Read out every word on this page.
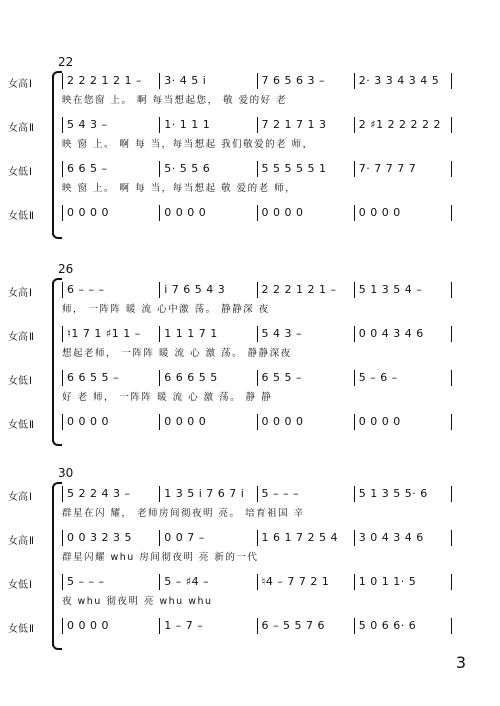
22
女高Ⅰ	2 2 2 1 2 1 –	3· 4 5 i	7 6 5 6 3 –	2· 3 3 4 3 4 5
映在您窗 上。 啊 每当想起您， 敬 爱的好 老
女高Ⅱ	5 4 3 –	1· 1 1 1	7 2 1 7 1 3	2 ♯1 2 2 2 2 2
映 窗 上。 啊 每 当，每当想起 我们敬爱的老 师，
女低Ⅰ	6 6 5 –	5· 5 5 6	5 5 5 5 5 1	7· 7 7 7 7
映 窗 上。 啊 每 当，每当想起 敬 爱的老 师，
女低Ⅱ	0 0 0 0	0 0 0 0	0 0 0 0	0 0 0 0
26
女高Ⅰ	6 – – –	i 7 6 5 4 3	2 2 2 1 2 1 –	5 1 3 5 4 –
师， 一阵阵 暖 流 心中激 荡。 静静深 夜
女高Ⅱ	♮1 7 1 ♯1 1 –	1 1 1 7 1	5 4 3 –	0 0 4 3 4 6
想起老师， 一阵阵 暖 流 心 激 荡。 静静深夜
女低Ⅰ	6 6 5 5 –	6 6 6 5 5	6 5 5 –	5 – 6 –
好 老 师， 一阵阵 暖 流 心 激 荡。 静 静
女低Ⅱ	0 0 0 0	0 0 0 0	0 0 0 0	0 0 0 0
30
女高Ⅰ	5 2 2 4 3 –	1 3 5 i 7 6 7 i	5 – – –	5 1 3 5 5· 6
群星在闪 耀， 老师房间彻夜明 亮。 培育祖国 辛
女高Ⅱ	0 0 3 2 3 5	0 0 7 –	1 6 1 7 2 5 4	3 0 4 3 4 6
群星闪耀 whu 房间彻夜明 亮 新的一代
女低Ⅰ	5 – – –	5 – ♯4 –	♮4 – 7 7 2 1	1 0 1 1· 5
夜 whu 彻夜明 亮 whu whu
女低Ⅱ	0 0 0 0	1 – 7 –	6 – 5 5 7 6	5 0 6 6· 6
3
